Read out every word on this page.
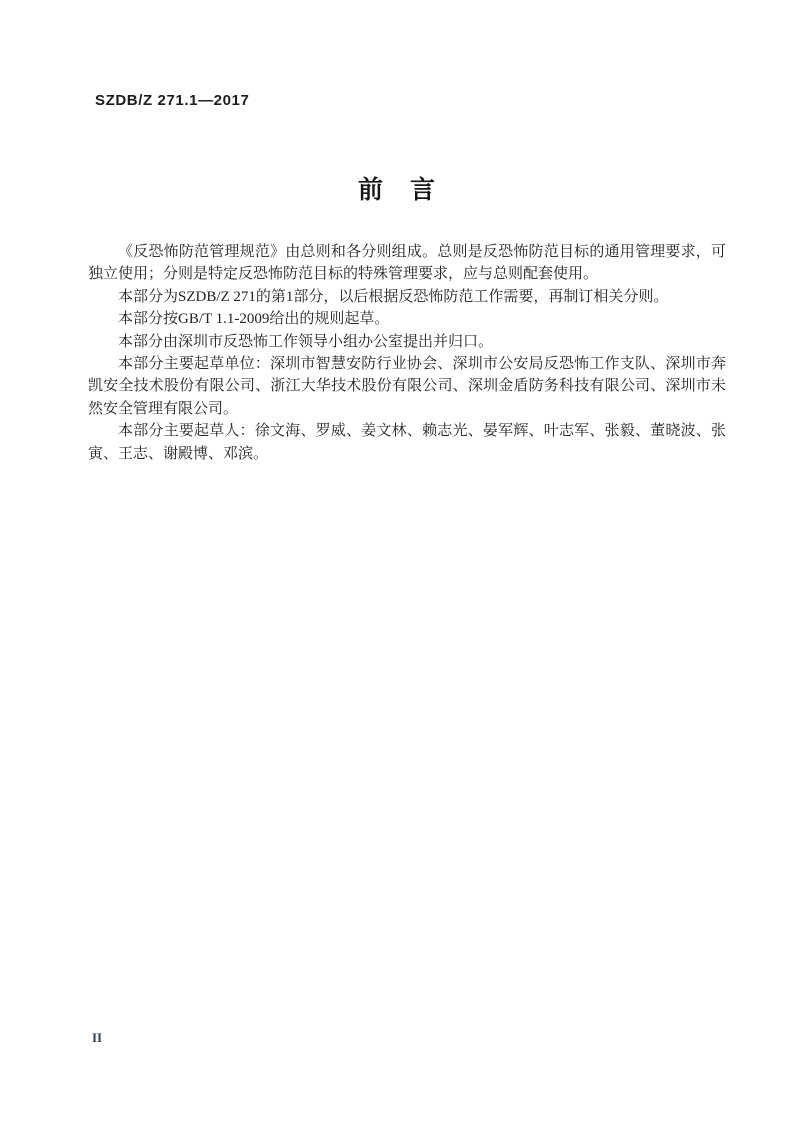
SZDB/Z 271.1—2017
前　言

《反恐怖防范管理规范》由总则和各分则组成。总则是反恐怖防范目标的通用管理要求，可独立使用；分则是特定反恐怖防范目标的特殊管理要求，应与总则配套使用。

本部分为SZDB/Z 271的第1部分，以后根据反恐怖防范工作需要，再制订相关分则。

本部分按GB/T 1.1-2009给出的规则起草。

本部分由深圳市反恐怖工作领导小组办公室提出并归口。

本部分主要起草单位：深圳市智慧安防行业协会、深圳市公安局反恐怖工作支队、深圳市奔凯安全技术股份有限公司、浙江大华技术股份有限公司、深圳金盾防务科技有限公司、深圳市未然安全管理有限公司。

本部分主要起草人：徐文海、罗威、姜文林、赖志光、晏军辉、叶志军、张毅、董晓波、张寅、王志、谢殿博、邓滨。

II
